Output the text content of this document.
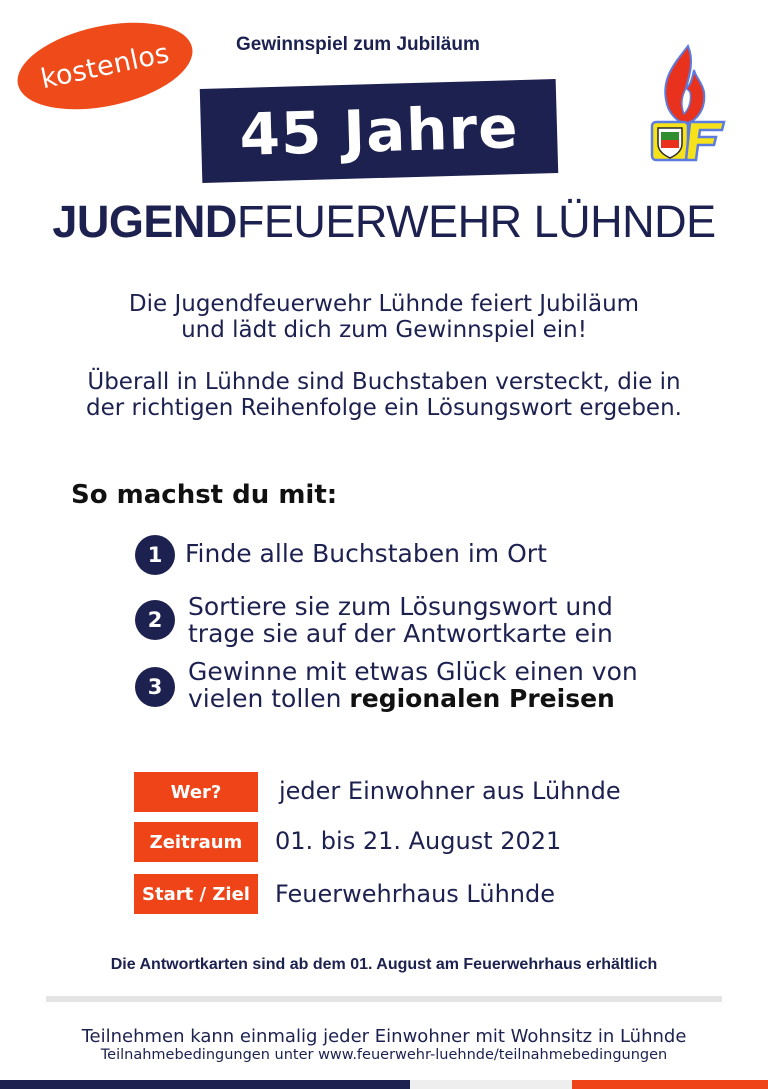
kostenlos	Gewinnspiel zum Jubiläum
45 Jahre
JUGENDFEUERWEHR LÜHNDE

Die Jugendfeuerwehr Lühnde feiert Jubiläum

und lädt dich zum Gewinnspiel ein!

Überall in Lühnde sind Buchstaben versteckt, die in

der richtigen Reihenfolge ein Lösungswort ergeben.

So machst du mit:
1 Finde alle Buchstaben im Ort
2	Sortiere sie zum Lösungswort und
trage sie auf der Antwortkarte ein
3
Gewinne mit etwas Glück einen von
vielen tollen regionalen Preisen
Wer?	jeder Einwohner aus Lühnde
Zeitraum	01. bis 21. August 2021
Start / Ziel	Feuerwehrhaus Lühnde
Die Antwortkarten sind ab dem 01. August am Feuerwehrhaus erhältlich
Teilnehmen kann einmalig jeder Einwohner mit Wohnsitz in Lühnde
Teilnahmebedingungen unter www.feuerwehr-luehnde/teilnahmebedingungen
